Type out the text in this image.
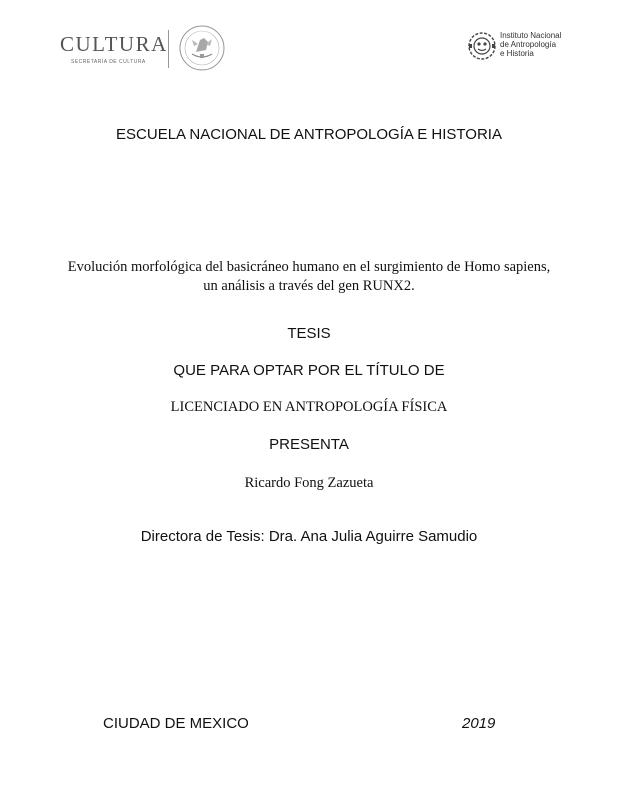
CULTURA
SECRETARÍA DE CULTURA
Instituto Nacional
de Antropología
e Historia
ESCUELA NACIONAL DE ANTROPOLOGÍA E HISTORIA
Evolución morfológica del basicráneo humano en el surgimiento de Homo sapiens, un análisis a través del gen RUNX2.
TESIS
QUE PARA OPTAR POR EL TÍTULO DE
LICENCIADO EN ANTROPOLOGÍA FÍSICA
PRESENTA
Ricardo Fong Zazueta
Directora de Tesis: Dra. Ana Julia Aguirre Samudio
CIUDAD DE MEXICO	2019
